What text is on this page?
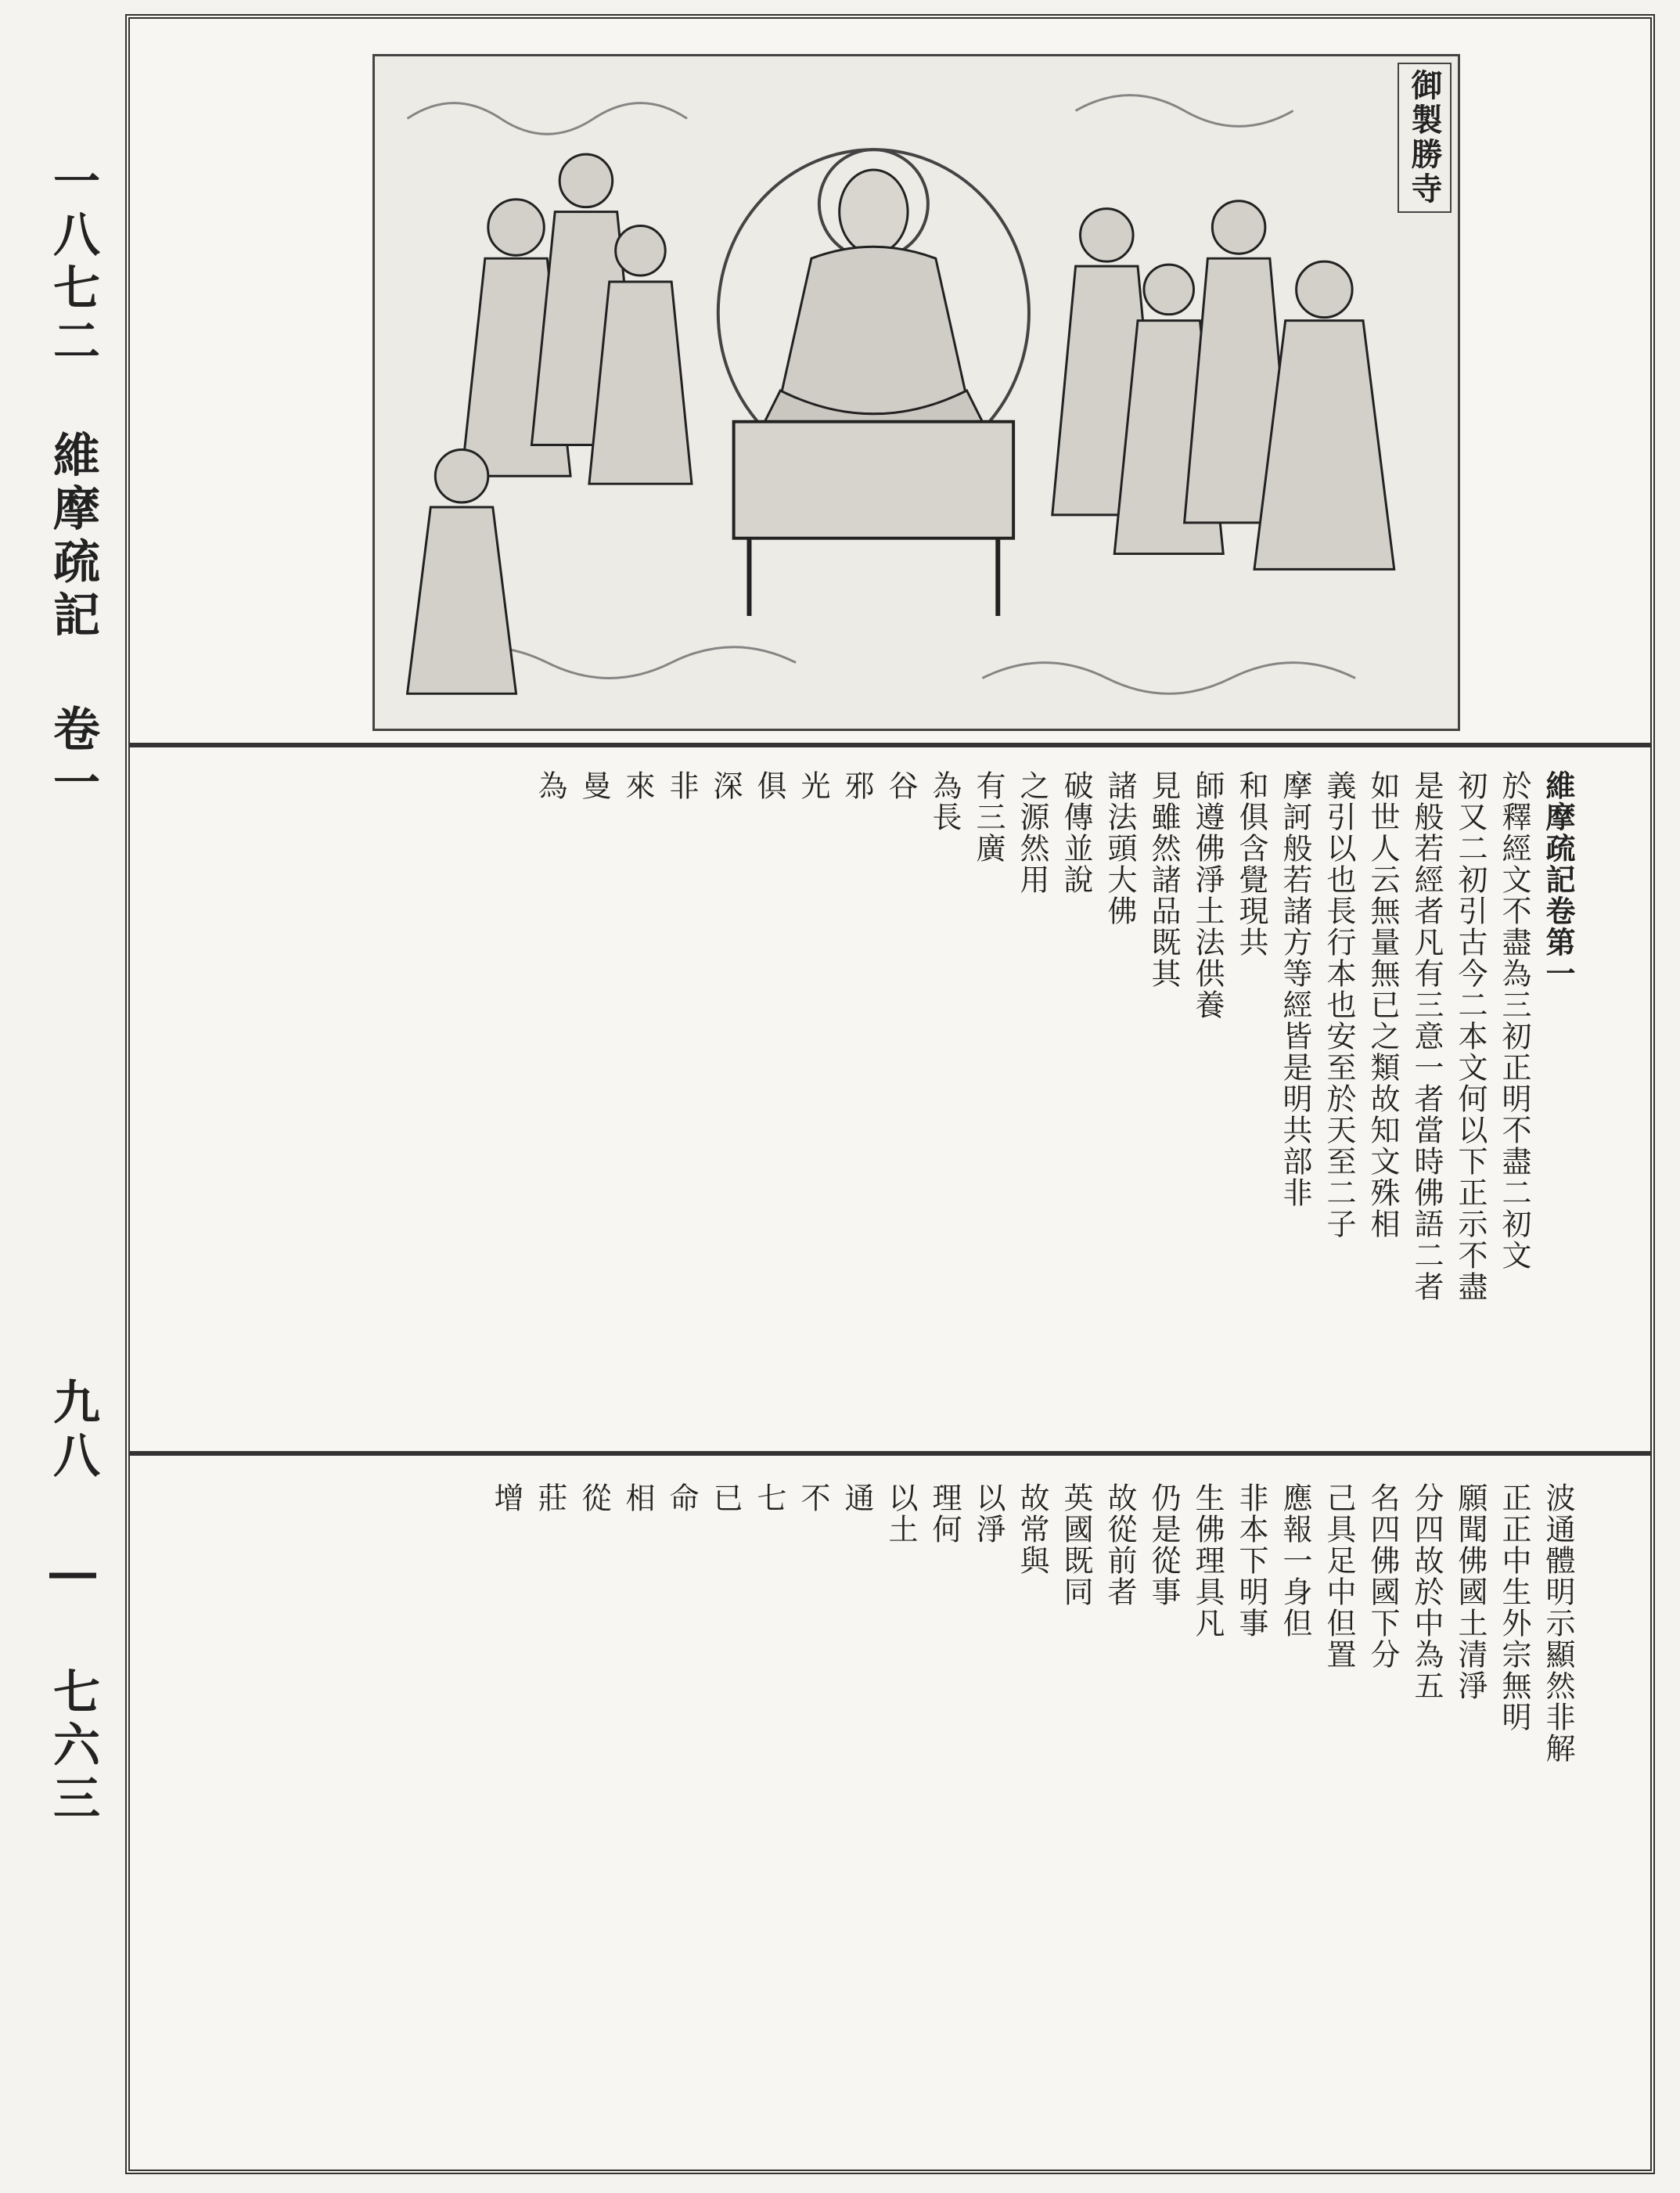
一八七二 維摩疏記 卷一
九八 ― 七六三
御製勝寺
維摩疏記卷第一
於釋經文不盡為三初正明不盡二初文
初又二初引古今二本文何以下正示不盡
是般若經者凡有三意一者當時佛語二者
如世人云無量無已之類故知文殊相
義引以也長行本也安至於天至二子
摩訶般若諸方等經皆是明共部非
和俱含覺現共
師遵佛淨土法供養
見雖然諸品既其
諸法頭大佛
破傳並說
之源然用
有三廣
為長
谷
邪
光
俱
深
非
來
曼
為
波通體明示顯然非解
正正中生外宗無明
願聞佛國土清淨
分四故於中為五
名四佛國下分
己具足中但置
應報一身但
非本下明事
生佛理具凡
仍是從事
故從前者
英國既同
故常與
以淨
理何
以土
通
不
七
已
命
相
從
莊
增
